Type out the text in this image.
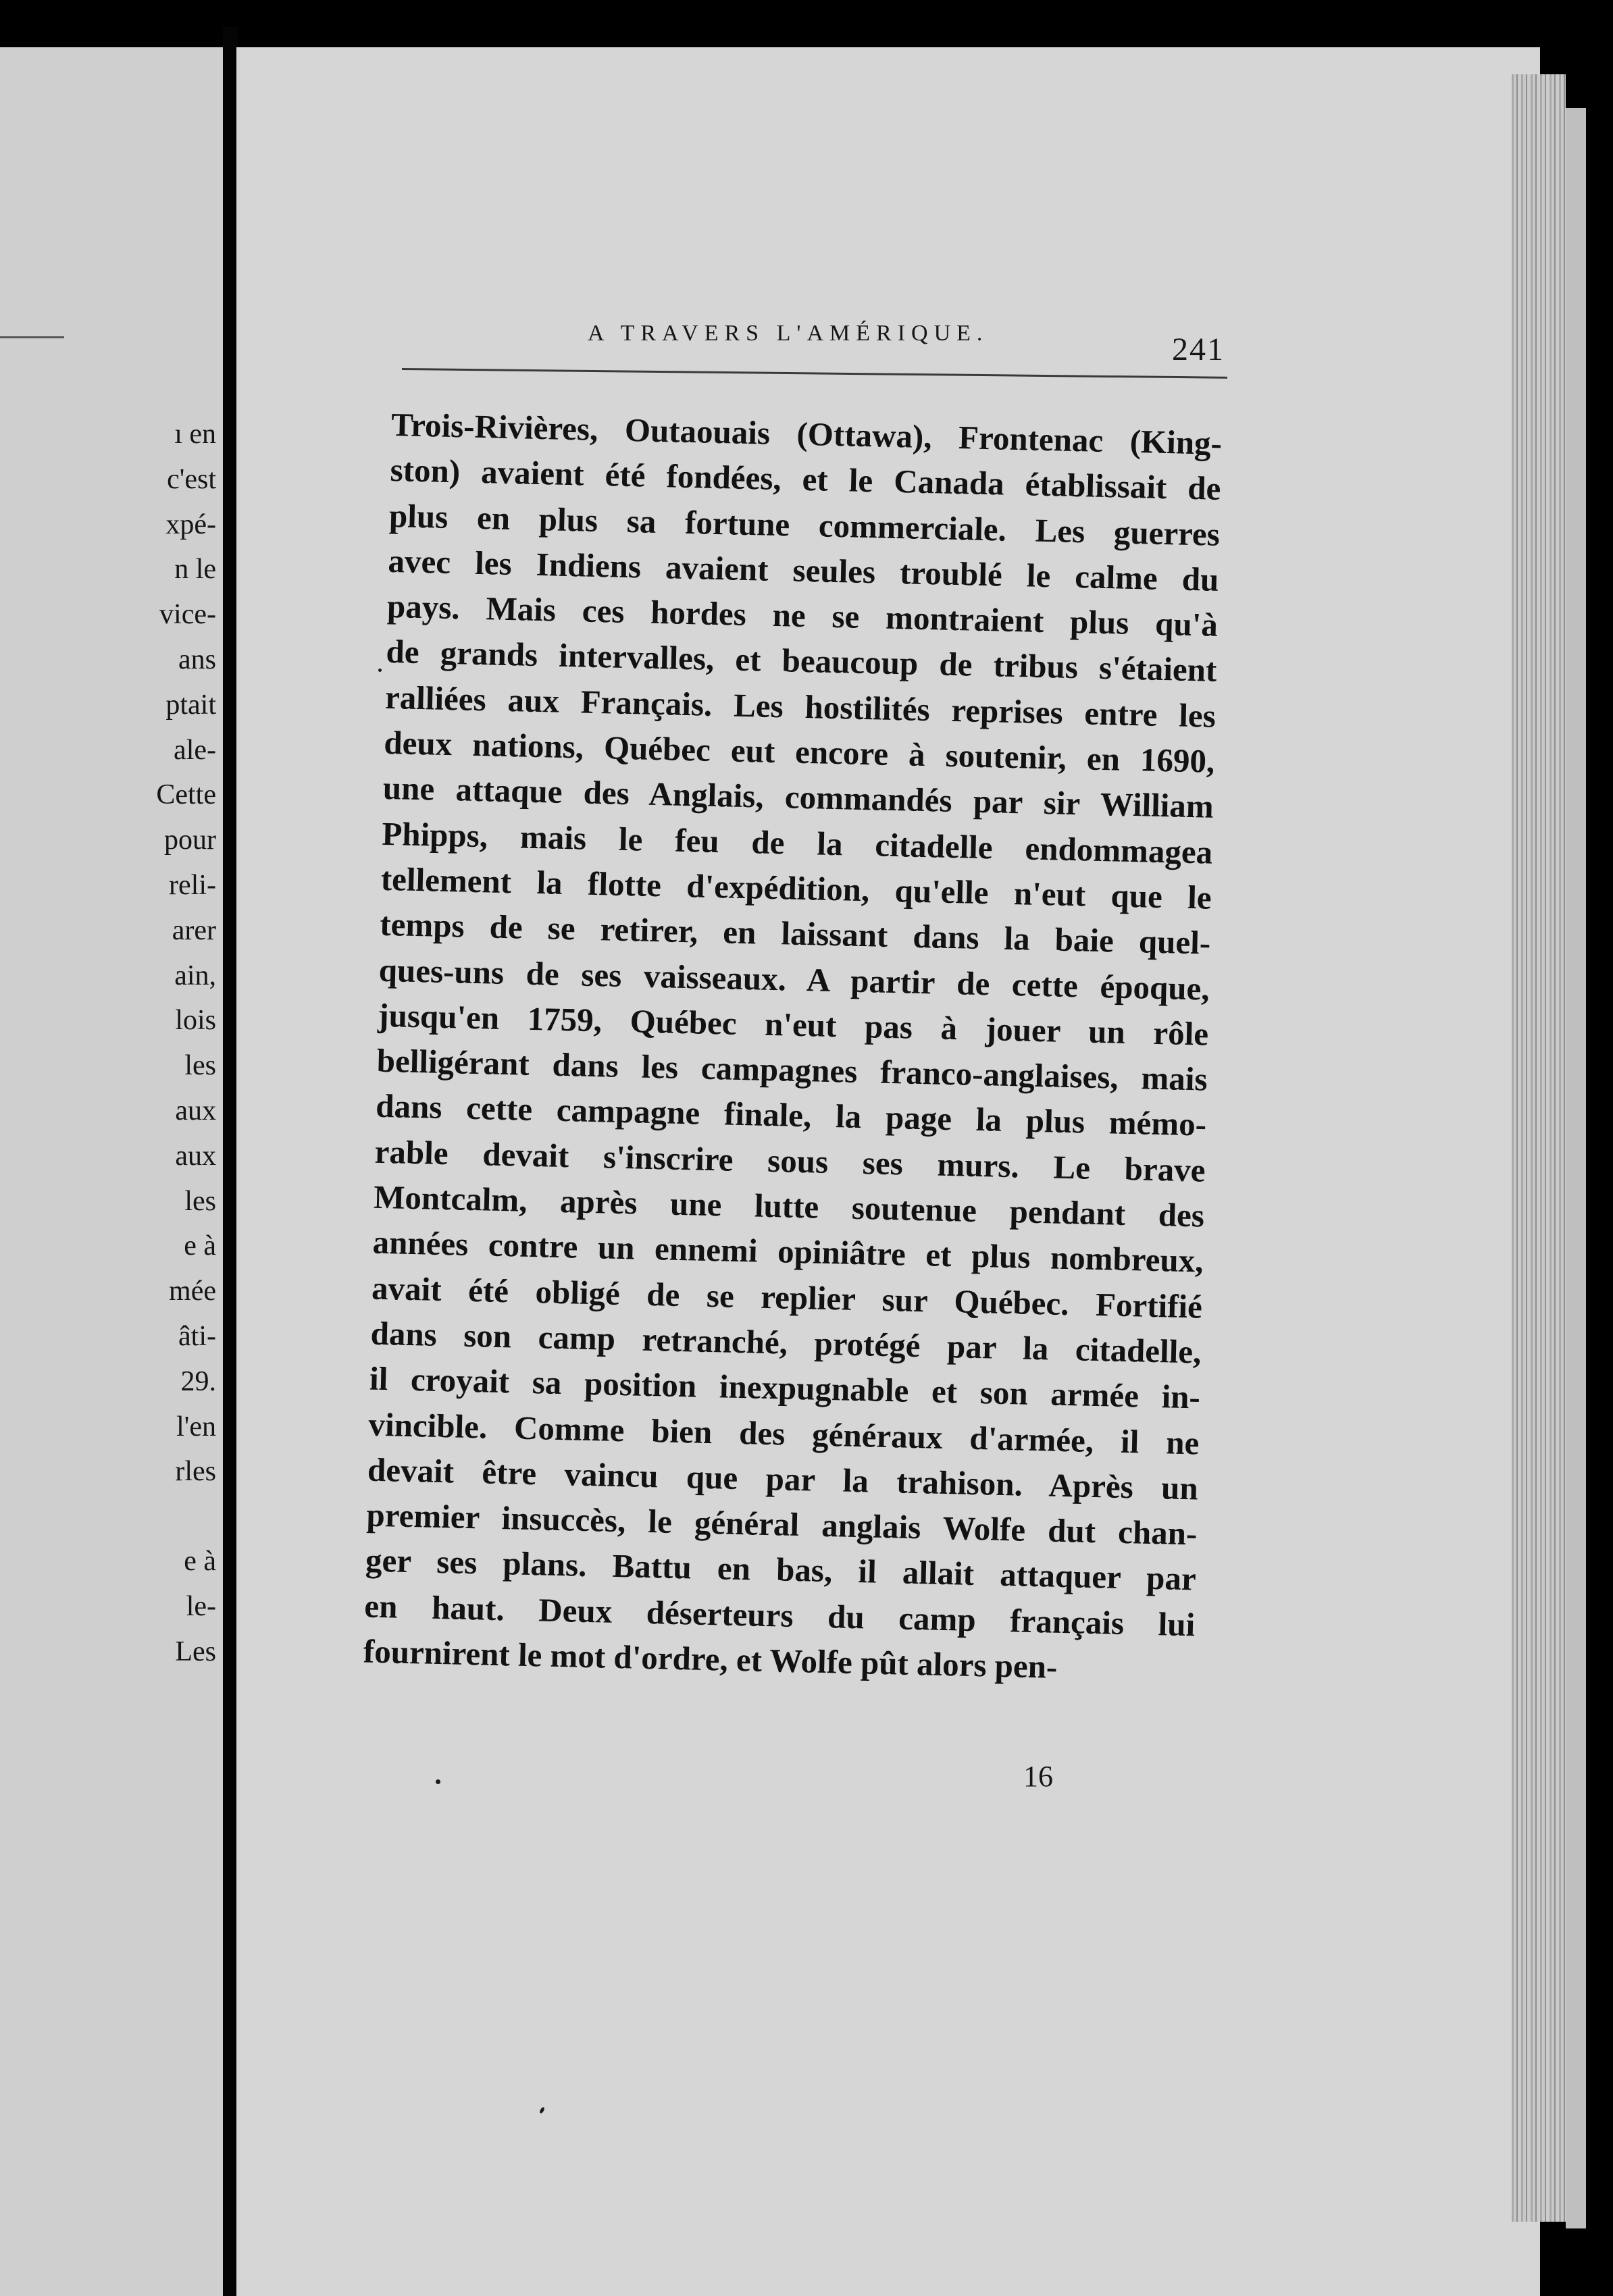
ı en
c'est
xpé-
n le
vice-
ans
ptait
ale-
Cette
pour
reli-
arer
ain,
lois
les
aux
aux
les
e à
mée
âti-
29.
l'en
rles
e à
le-
Les
A TRAVERS L'AMÉRIQUE.	241
Trois-Rivières, Outaouais (Ottawa), Frontenac (King-
ston) avaient été fondées, et le Canada établissait de
plus en plus sa fortune commerciale. Les guerres
avec les Indiens avaient seules troublé le calme du
pays. Mais ces hordes ne se montraient plus qu'à
de grands intervalles, et beaucoup de tribus s'étaient
ralliées aux Français. Les hostilités reprises entre les
deux nations, Québec eut encore à soutenir, en 1690,
une attaque des Anglais, commandés par sir William
Phipps, mais le feu de la citadelle endommagea
tellement la flotte d'expédition, qu'elle n'eut que le
temps de se retirer, en laissant dans la baie quel-
ques-uns de ses vaisseaux. A partir de cette époque,
jusqu'en 1759, Québec n'eut pas à jouer un rôle
belligérant dans les campagnes franco-anglaises, mais
dans cette campagne finale, la page la plus mémo-
rable devait s'inscrire sous ses murs. Le brave
Montcalm, après une lutte soutenue pendant des
années contre un ennemi opiniâtre et plus nombreux,
avait été obligé de se replier sur Québec. Fortifié
dans son camp retranché, protégé par la citadelle,
il croyait sa position inexpugnable et son armée in-
vincible. Comme bien des généraux d'armée, il ne
devait être vaincu que par la trahison. Après un
premier insuccès, le général anglais Wolfe dut chan-
ger ses plans. Battu en bas, il allait attaquer par
en haut. Deux déserteurs du camp français lui
fournirent le mot d'ordre, et Wolfe pût alors pen-
16
